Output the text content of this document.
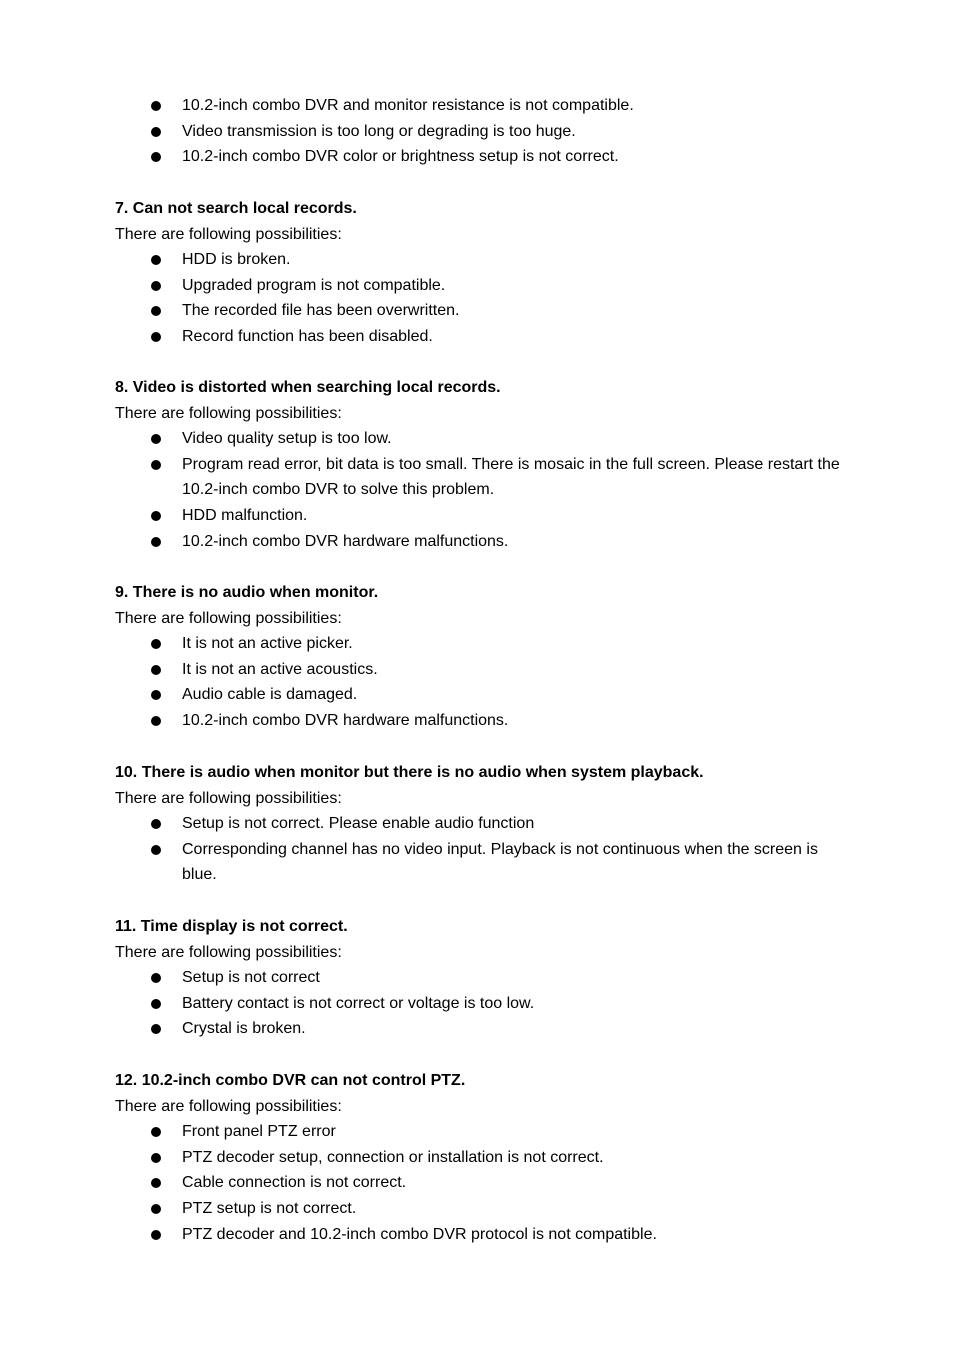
10.2-inch combo DVR and monitor resistance is not compatible.
Video transmission is too long or degrading is too huge.
10.2-inch combo DVR color or brightness setup is not correct.

7. Can not search local records.

There are following possibilities:

HDD is broken.
Upgraded program is not compatible.
The recorded file has been overwritten.
Record function has been disabled.

8. Video is distorted when searching local records.

There are following possibilities:

Video quality setup is too low.
Program read error, bit data is too small. There is mosaic in the full screen. Please restart the 10.2-inch combo DVR to solve this problem.
HDD malfunction.
10.2-inch combo DVR hardware malfunctions.

9. There is no audio when monitor.

There are following possibilities:

It is not an active picker.
It is not an active acoustics.
Audio cable is damaged.
10.2-inch combo DVR hardware malfunctions.

10. There is audio when monitor but there is no audio when system playback.

There are following possibilities:

Setup is not correct. Please enable audio function
Corresponding channel has no video input. Playback is not continuous when the screen is blue.

11. Time display is not correct.

There are following possibilities:

Setup is not correct
Battery contact is not correct or voltage is too low.
Crystal is broken.

12. 10.2-inch combo DVR can not control PTZ.

There are following possibilities:

Front panel PTZ error
PTZ decoder setup, connection or installation is not correct.
Cable connection is not correct.
PTZ setup is not correct.
PTZ decoder and 10.2-inch combo DVR protocol is not compatible.
